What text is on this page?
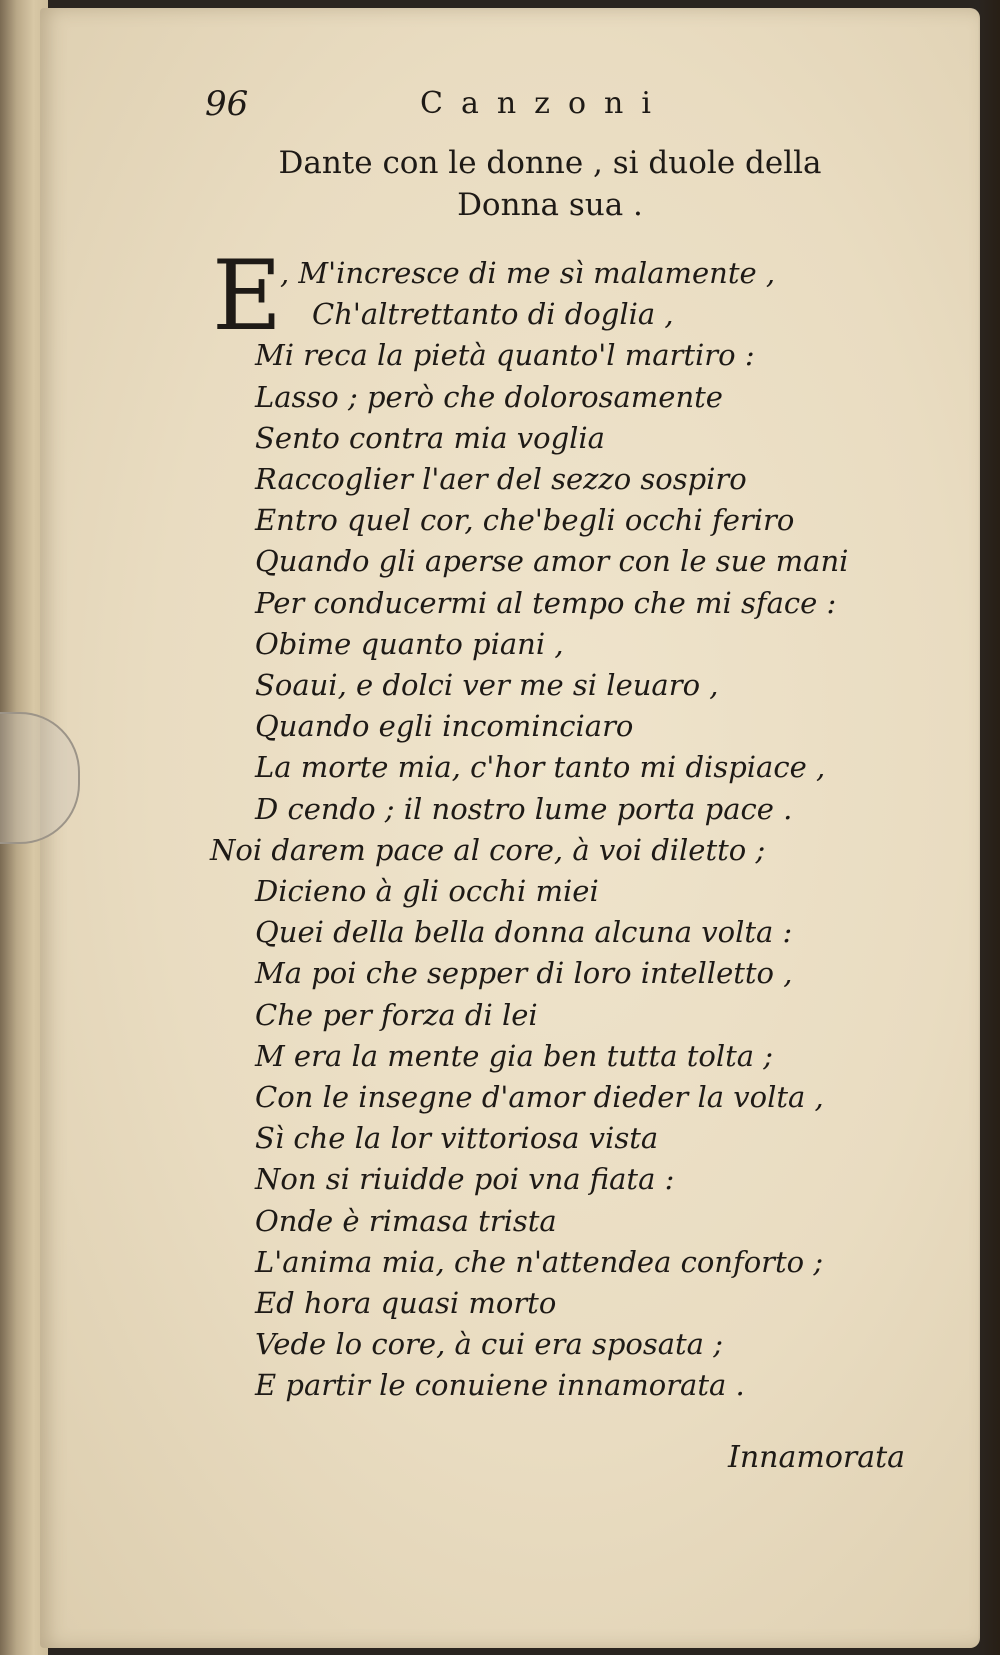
96	Canzoni
Dante con le donne , si duole della
Donna sua .
E
, M'incresce di me sì malamente ,
Ch'altrettanto di doglia ,
Mi reca la pietà quanto'l martiro :
Lasso ; però che dolorosamente
Sento contra mia voglia
Raccoglier l'aer del sezzo sospiro
Entro quel cor, che'begli occhi feriro
Quando gli aperse amor con le sue mani
Per conducermi al tempo che mi sface :
Obime quanto piani ,
Soaui, e dolci ver me si leuaro ,
Quando egli incominciaro
La morte mia, c'hor tanto mi dispiace ,
D cendo ; il nostro lume porta pace .
Noi darem pace al core, à voi diletto ;
Dicieno à gli occhi miei
Quei della bella donna alcuna volta :
Ma poi che sepper di loro intelletto ,
Che per forza di lei
M era la mente gia ben tutta tolta ;
Con le insegne d'amor dieder la volta ,
Sì che la lor vittoriosa vista
Non si riuidde poi vna fiata :
Onde è rimasa trista
L'anima mia, che n'attendea conforto ;
Ed hora quasi morto
Vede lo core, à cui era sposata ;
E partir le conuiene innamorata .
Innamorata
